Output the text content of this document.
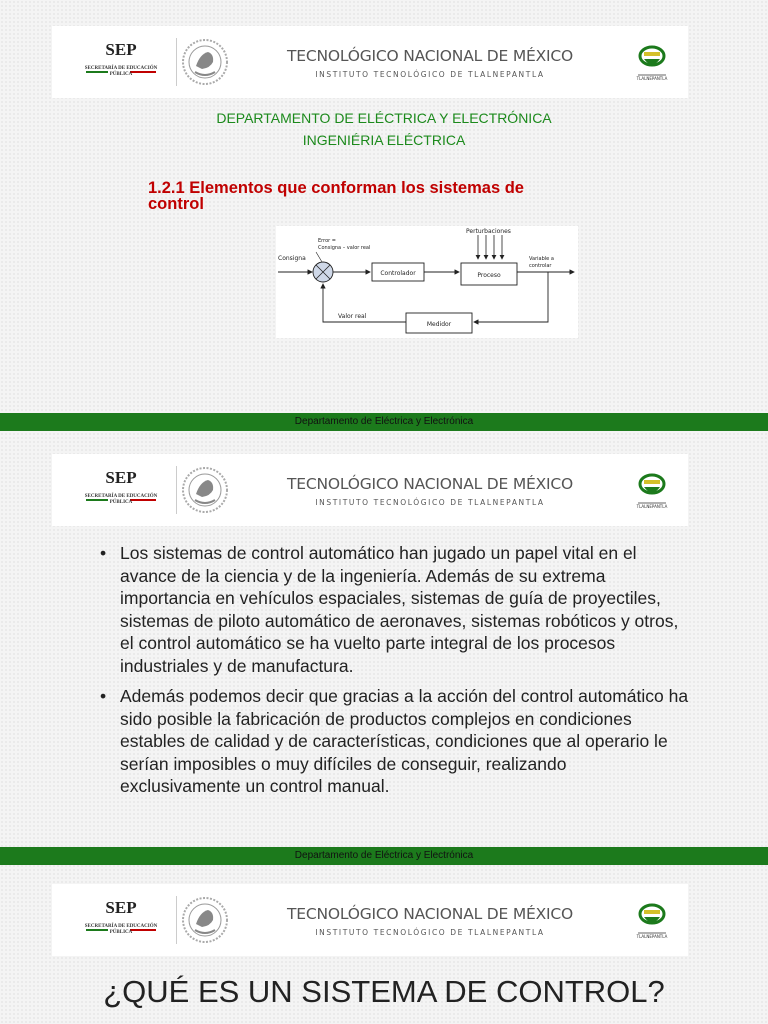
SEP
SECRETARÍA DE EDUCACIÓN PÚBLICA
TECNOLÓGICO NACIONAL DE MÉXICO
INSTITUTO TECNOLÓGICO DE TLALNEPANTLA	TLALNEPANTLA
DEPARTAMENTO DE ELÉCTRICA Y ELECTRÓNICA
INGENIÉRIA ELÉCTRICA
1.2.1 Elementos que conforman los sistemas de control
Perturbaciones
Error =
Consigna – valor real
Consigna
Controlador	Proceso
Variable a
controlar
Medidor
Valor real
Departamento de Eléctrica y Electrónica
SEP
SECRETARÍA DE EDUCACIÓN PÚBLICA
TECNOLÓGICO NACIONAL DE MÉXICO
INSTITUTO TECNOLÓGICO DE TLALNEPANTLA	TLALNEPANTLA
• Los sistemas de control automático han jugado un papel vital en el avance de la ciencia y de la ingeniería. Además de su extrema importancia en vehículos espaciales, sistemas de guía de proyectiles, sistemas de piloto automático de aeronaves, sistemas robóticos y otros, el control automático se ha vuelto parte integral de los procesos industriales y de manufactura.
• Además podemos decir que gracias a la acción del control automático ha sido posible la fabricación de productos complejos en condiciones estables de calidad y de características, condiciones que al operario le serían imposibles o muy difíciles de conseguir, realizando exclusivamente un control manual.
Departamento de Eléctrica y Electrónica
SEP
SECRETARÍA DE EDUCACIÓN PÚBLICA
TECNOLÓGICO NACIONAL DE MÉXICO
INSTITUTO TECNOLÓGICO DE TLALNEPANTLA	TLALNEPANTLA
¿QUÉ ES UN SISTEMA DE CONTROL?
